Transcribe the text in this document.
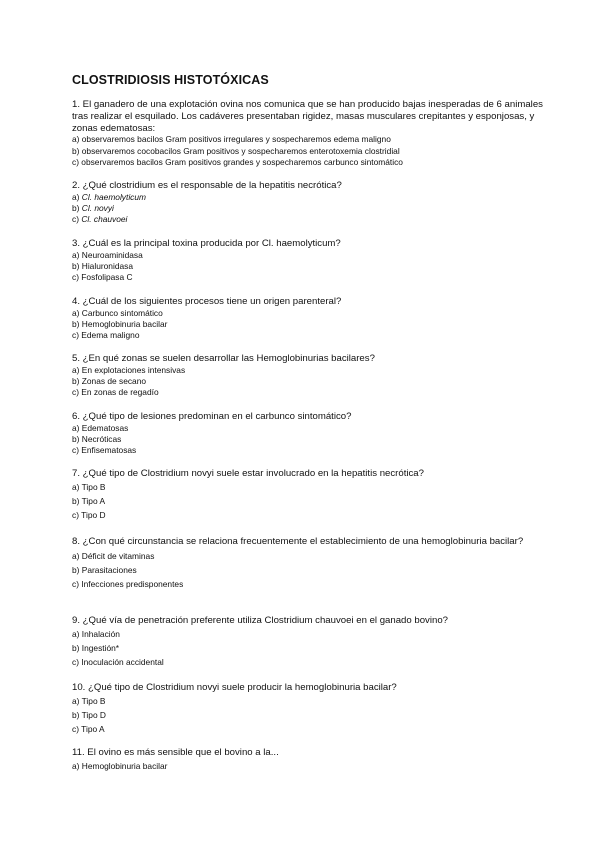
CLOSTRIDIOSIS HISTOTÓXICAS
1. El ganadero de una explotación ovina nos comunica que se han producido bajas inesperadas de 6 animales tras realizar el esquilado. Los cadáveres presentaban rigidez, masas musculares crepitantes y esponjosas, y zonas edematosas:
a) observaremos bacilos Gram positivos irregulares y sospecharemos edema maligno
b) observaremos cocobacilos Gram positivos y sospecharemos enterotoxemia clostridial
c) observaremos bacilos Gram positivos grandes y sospecharemos carbunco sintomático
2. ¿Qué clostridium es el responsable de la hepatitis necrótica?
a) Cl. haemolyticum
b) Cl. novyi
c) Cl. chauvoei
3. ¿Cuál es la principal toxina producida por Cl. haemolyticum?
a) Neuroaminidasa
b) Hialuronidasa
c) Fosfolipasa C
4. ¿Cuál de los siguientes procesos tiene un origen parenteral?
a) Carbunco sintomático
b) Hemoglobinuria bacilar
c) Edema maligno
5. ¿En qué zonas se suelen desarrollar las Hemoglobinurias bacilares?
a) En explotaciones intensivas
b) Zonas de secano
c) En zonas de regadío
6. ¿Qué tipo de lesiones predominan en el carbunco sintomático?
a) Edematosas
b) Necróticas
c) Enfisematosas
7. ¿Qué tipo de Clostridium novyi suele estar involucrado en la hepatitis necrótica?
a) Tipo B
b) Tipo A
c) Tipo D
8. ¿Con qué circunstancia se relaciona frecuentemente el establecimiento de una hemoglobinuria bacilar?
a) Déficit de vitaminas
b) Parasitaciones
c) Infecciones predisponentes
9. ¿Qué vía de penetración preferente utiliza Clostridium chauvoei en el ganado bovino?
a) Inhalación
b) Ingestión*
c) Inoculación accidental
10. ¿Qué tipo de Clostridium novyi suele producir la hemoglobinuria bacilar?
a) Tipo B
b) Tipo D
c) Tipo A
11. El ovino es más sensible que el bovino a la...
a) Hemoglobinuria bacilar
